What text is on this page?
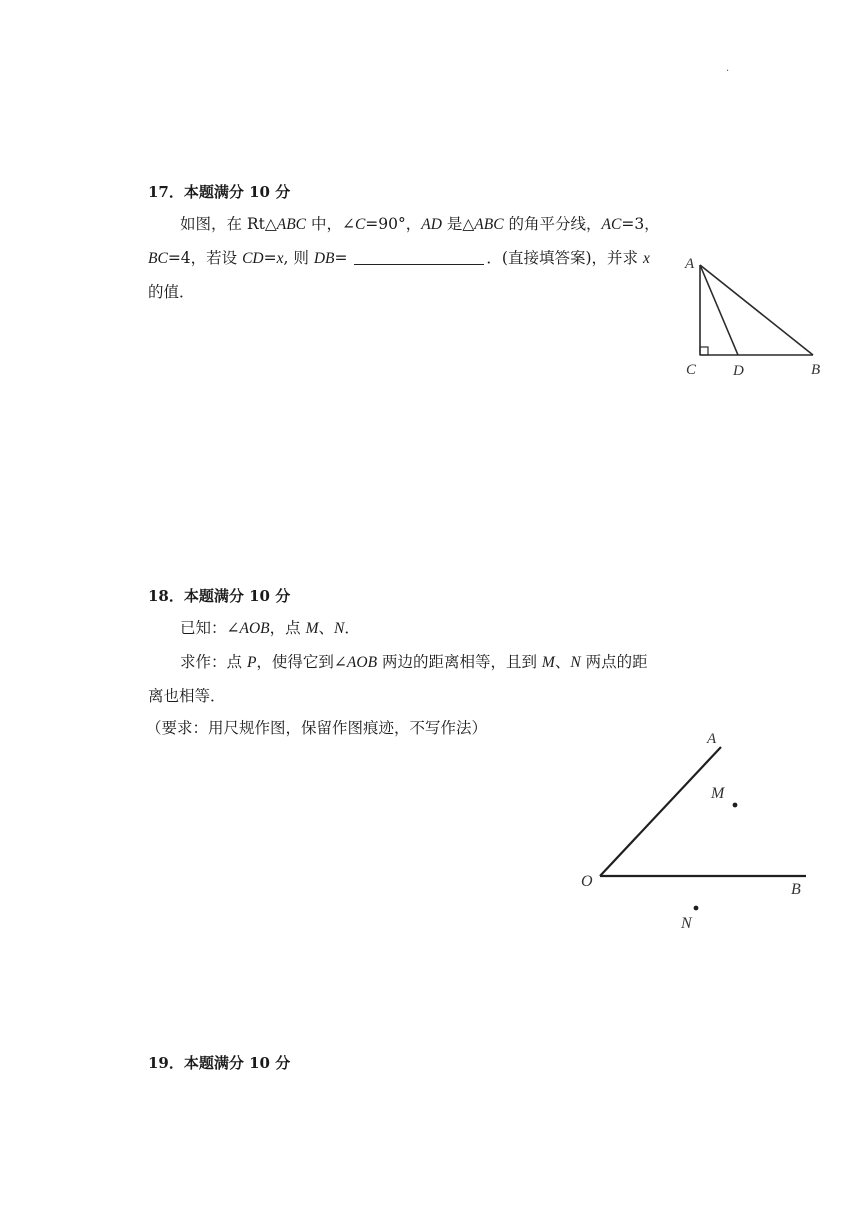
·
17．本题满分 10 分
如图，在 Rt△ABC 中，∠C=90°，AD 是△ABC 的角平分线，AC=3，
BC=4，若设 CD=x, 则 DB=	．(直接填答案)，并求 x
的值．
A
C D	B
18．本题满分 10 分
已知：∠AOB，点 M、N．
求作：点 P，使得它到∠AOB 两边的距离相等，且到 M、N 两点的距
离也相等．
（要求：用尺规作图，保留作图痕迹，不写作法）
A
M
O	B
N
19．本题满分 10 分
